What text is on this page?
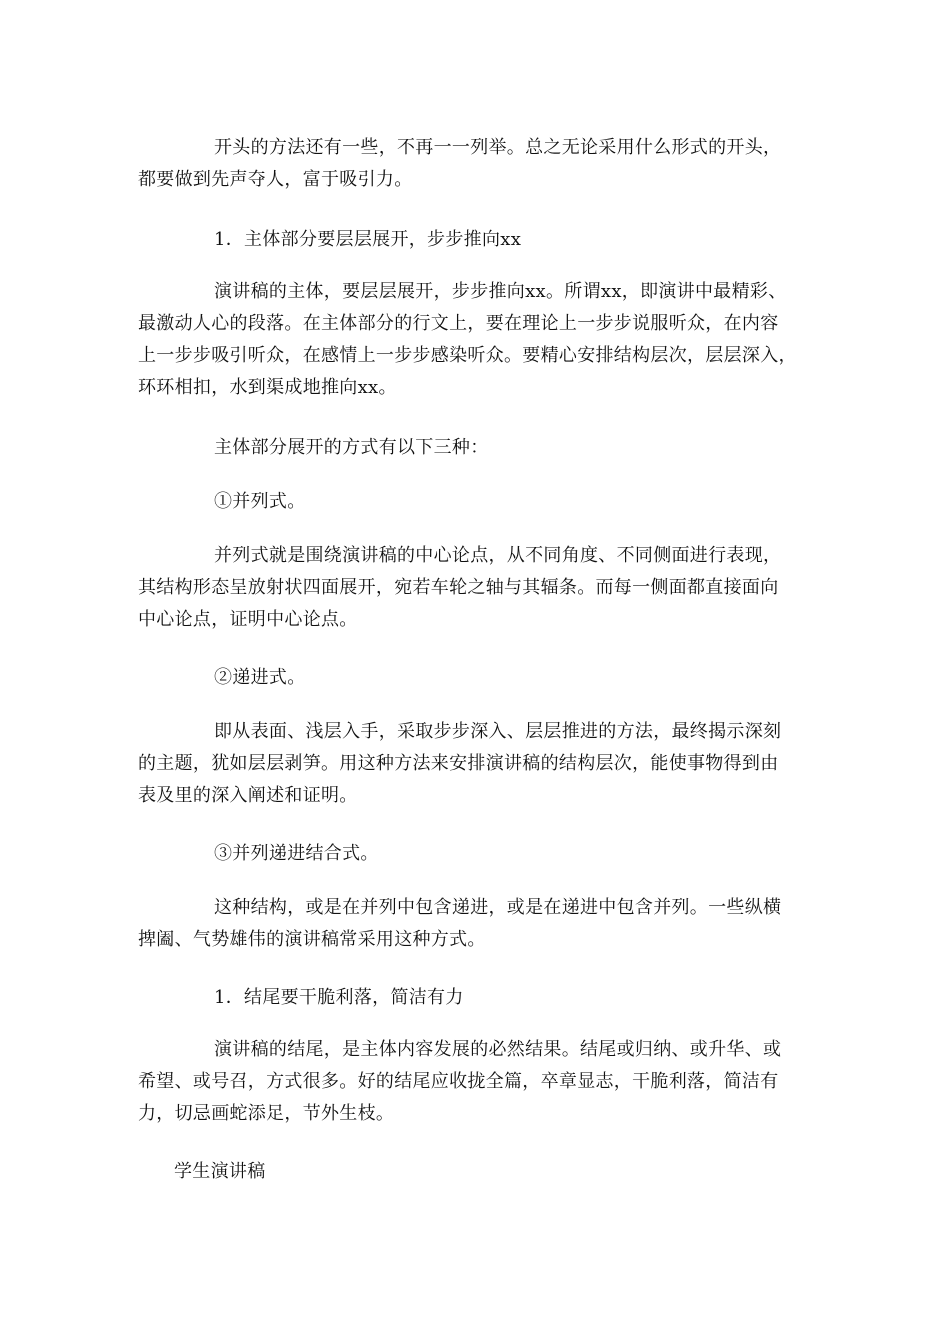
开头的方法还有一些，不再一一列举。总之无论采用什么形式的开头，
都要做到先声夺人，富于吸引力。

1．主体部分要层层展开，步步推向xx

演讲稿的主体，要层层展开，步步推向xx。所谓xx，即演讲中最精彩、
最激动人心的段落。在主体部分的行文上，要在理论上一步步说服听众，在内容
上一步步吸引听众，在感情上一步步感染听众。要精心安排结构层次，层层深入，
环环相扣，水到渠成地推向xx。

主体部分展开的方式有以下三种：

①并列式。

并列式就是围绕演讲稿的中心论点，从不同角度、不同侧面进行表现，
其结构形态呈放射状四面展开，宛若车轮之轴与其辐条。而每一侧面都直接面向
中心论点，证明中心论点。

②递进式。

即从表面、浅层入手，采取步步深入、层层推进的方法，最终揭示深刻
的主题，犹如层层剥笋。用这种方法来安排演讲稿的结构层次，能使事物得到由
表及里的深入阐述和证明。

③并列递进结合式。

这种结构，或是在并列中包含递进，或是在递进中包含并列。一些纵横
捭阖、气势雄伟的演讲稿常采用这种方式。

1．结尾要干脆利落，简洁有力

演讲稿的结尾，是主体内容发展的必然结果。结尾或归纳、或升华、或
希望、或号召，方式很多。好的结尾应收拢全篇，卒章显志，干脆利落，简洁有
力，切忌画蛇添足，节外生枝。

学生演讲稿
